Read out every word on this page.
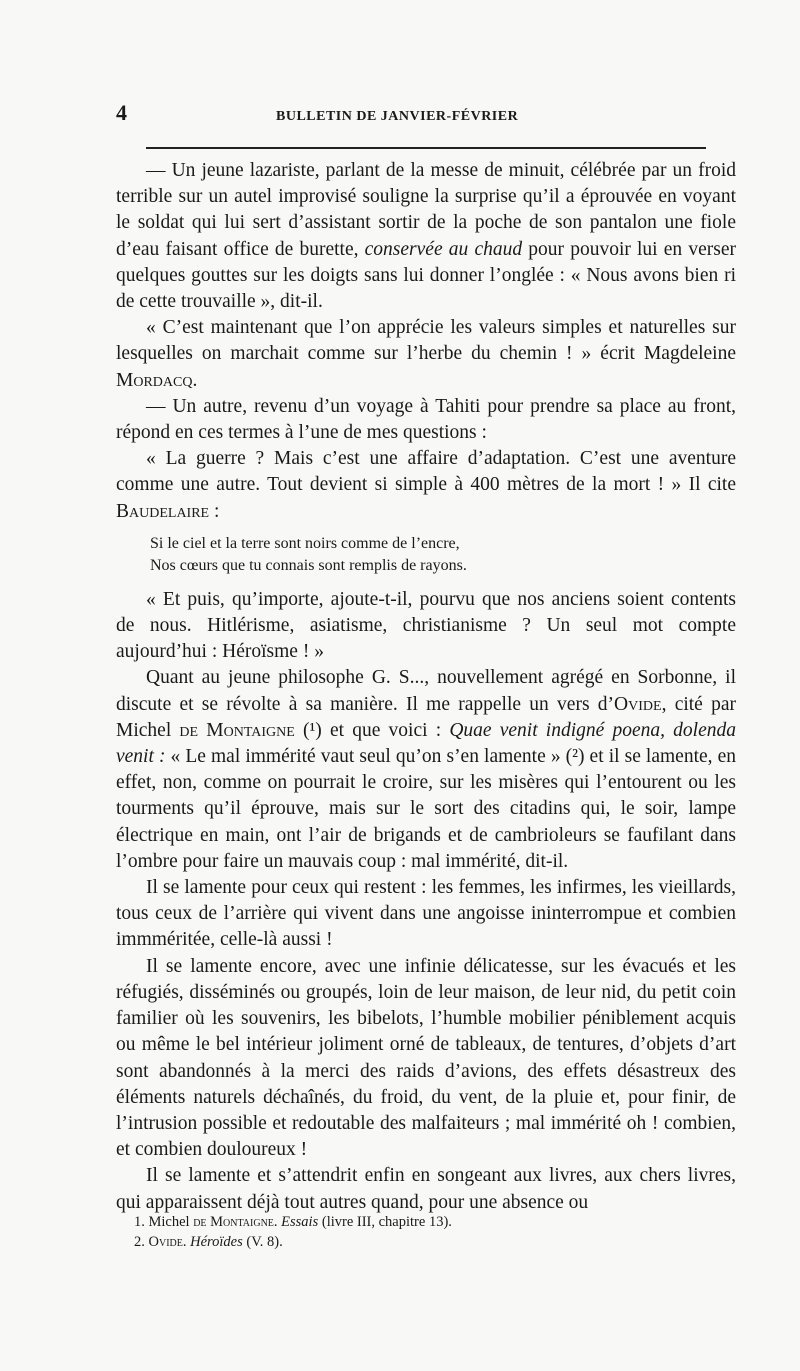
4	BULLETIN DE JANVIER-FÉVRIER

— Un jeune lazariste, parlant de la messe de minuit, célébrée par un froid terrible sur un autel improvisé souligne la surprise qu’il a éprouvée en voyant le soldat qui lui sert d’assistant sortir de la poche de son pantalon une fiole d’eau faisant office de burette, conservée au chaud pour pouvoir lui en verser quelques gouttes sur les doigts sans lui donner l’onglée : « Nous avons bien ri de cette trouvaille », dit-il.

« C’est maintenant que l’on apprécie les valeurs simples et naturelles sur lesquelles on marchait comme sur l’herbe du chemin ! » écrit Magdeleine Mordacq.

— Un autre, revenu d’un voyage à Tahiti pour prendre sa place au front, répond en ces termes à l’une de mes questions :

« La guerre ? Mais c’est une affaire d’adaptation. C’est une aventure comme une autre. Tout devient si simple à 400 mètres de la mort ! » Il cite Baudelaire :

Si le ciel et la terre sont noirs comme de l’encre,
Nos cœurs que tu connais sont remplis de rayons.

« Et puis, qu’importe, ajoute-t-il, pourvu que nos anciens soient contents de nous. Hitlérisme, asiatisme, christianisme ? Un seul mot compte aujourd’hui : Héroïsme ! »

Quant au jeune philosophe G. S..., nouvellement agrégé en Sorbonne, il discute et se révolte à sa manière. Il me rappelle un vers d’Ovide, cité par Michel de Montaigne (¹) et que voici : Quae venit indigné poena, dolenda venit : « Le mal immérité vaut seul qu’on s’en lamente » (²) et il se lamente, en effet, non, comme on pourrait le croire, sur les misères qui l’entourent ou les tourments qu’il éprouve, mais sur le sort des citadins qui, le soir, lampe électrique en main, ont l’air de brigands et de cambrioleurs se faufilant dans l’ombre pour faire un mauvais coup : mal immérité, dit-il.

Il se lamente pour ceux qui restent : les femmes, les infirmes, les vieillards, tous ceux de l’arrière qui vivent dans une angoisse ininterrompue et combien immméritée, celle-là aussi !

Il se lamente encore, avec une infinie délicatesse, sur les évacués et les réfugiés, disséminés ou groupés, loin de leur maison, de leur nid, du petit coin familier où les souvenirs, les bibelots, l’humble mobilier péniblement acquis ou même le bel intérieur joliment orné de tableaux, de tentures, d’objets d’art sont abandonnés à la merci des raids d’avions, des effets désastreux des éléments naturels déchaînés, du froid, du vent, de la pluie et, pour finir, de l’intrusion possible et redoutable des malfaiteurs ; mal immérité oh ! combien, et combien douloureux !

Il se lamente et s’attendrit enfin en songeant aux livres, aux chers livres, qui apparaissent déjà tout autres quand, pour une absence ou

1. Michel de Montaigne. Essais (livre III, chapitre 13).
2. Ovide. Héroïdes (V. 8).
